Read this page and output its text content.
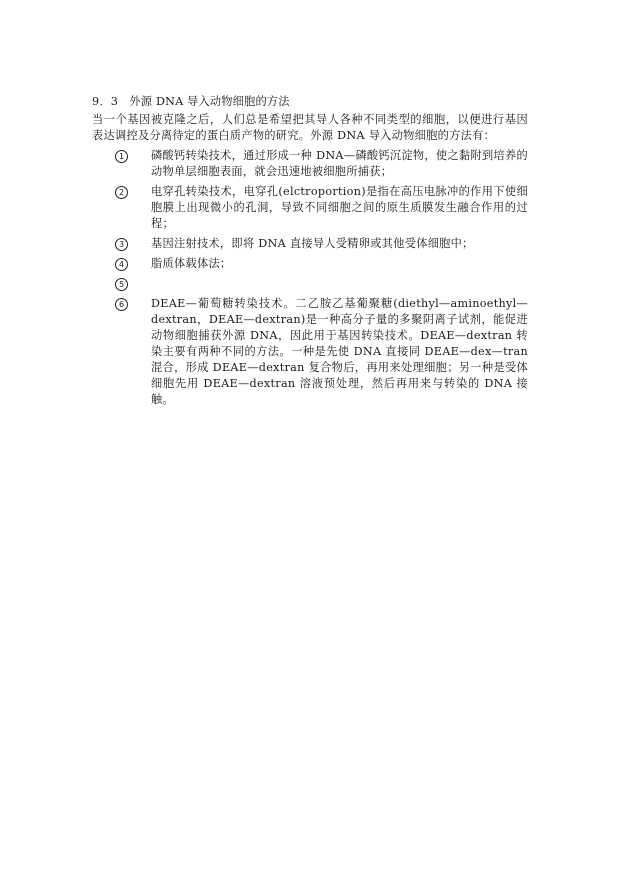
9．3　外源 DNA 导入动物细胞的方法

当一个基因被克隆之后，人们总是希望把其导人各种不同类型的细胞，以便进行基因表达调控及分离待定的蛋白质产物的研究。外源 DNA 导入动物细胞的方法有：

1	磷酸钙转染技术，通过形成一种 DNA—磷酸钙沉淀物，使之黏附到培养的动物单层细胞表面，就会迅速地被细胞所捕获；
2	电穿孔转染技术，电穿孔(elctroportion)是指在高压电脉冲的作用下使细胞膜上出现微小的孔洞，导致不同细胞之间的原生质膜发生融合作用的过程；
3	基因注射技术，即将 DNA 直接导人受精卵或其他受体细胞中；
4	脂质体载体法；
5
6	DEAE—葡萄糖转染技术。二乙胺乙基葡聚糖(diethyl—aminoethyl—dextran，DEAE—dextran)是一种高分子量的多聚阴离子试剂，能促进动物细胞捕获外源 DNA，因此用于基因转染技术。DEAE—dextran 转染主要有两种不同的方法。一种是先使 DNA 直接同 DEAE—dex—tran 混合，形成 DEAE—dextran 复合物后，再用来处理细胞；另一种是受体细胞先用 DEAE—dextran 溶液预处理，然后再用来与转染的 DNA 接触。
